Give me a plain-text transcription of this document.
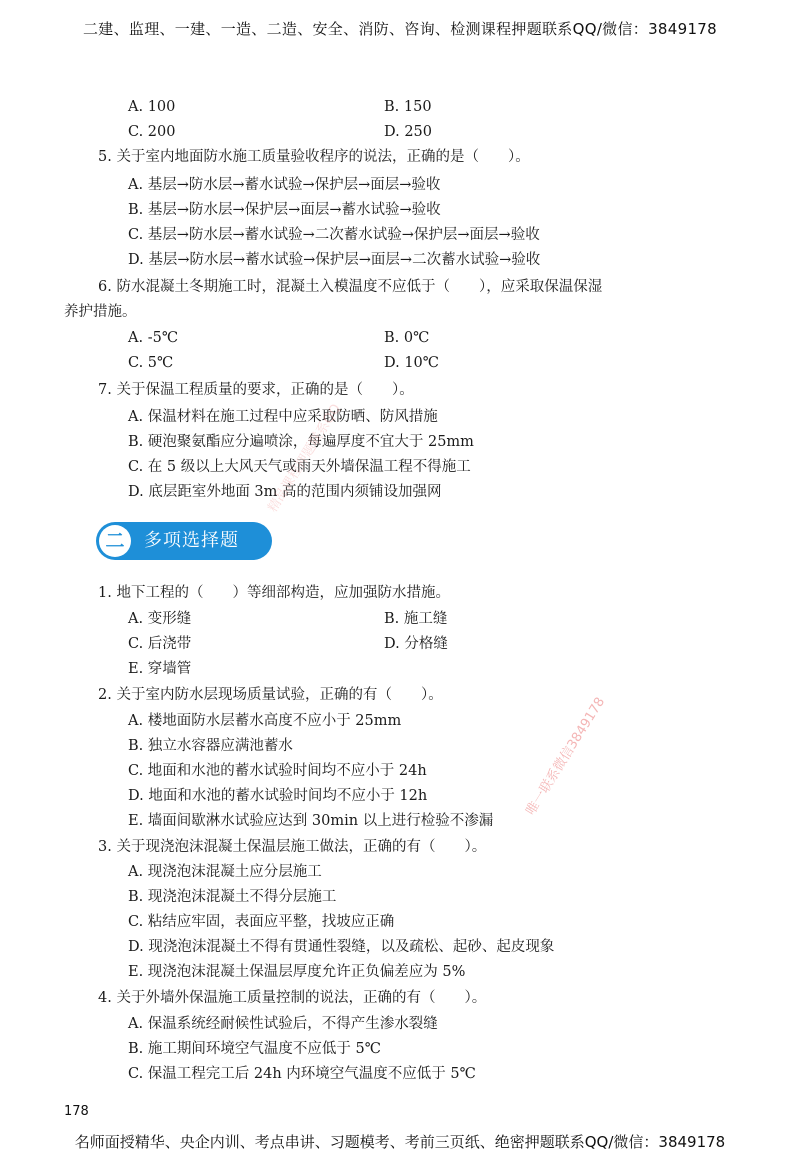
二建、监理、一建、一造、二造、安全、消防、咨询、检测课程押题联系QQ/微信：3849178
A. 100	B. 150
C. 200	D. 250
5. 关于室内地面防水施工质量验收程序的说法，正确的是（　　）。
A. 基层→防水层→蓄水试验→保护层→面层→验收
B. 基层→防水层→保护层→面层→蓄水试验→验收
C. 基层→防水层→蓄水试验→二次蓄水试验→保护层→面层→验收
D. 基层→防水层→蓄水试验→保护层→面层→二次蓄水试验→验收
6. 防水混凝土冬期施工时，混凝土入模温度不应低于（　　），应采取保温保湿
养护措施。
A. -5℃	B. 0℃
C. 5℃	D. 10℃
7. 关于保温工程质量的要求，正确的是（　　）。
A. 保温材料在施工过程中应采取防晒、防风措施
B. 硬泡聚氨酯应分遍喷涂，每遍厚度不宜大于 25mm
C. 在 5 级以上大风天气或雨天外墙保温工程不得施工
D. 底层距室外地面 3m 高的范围内须铺设加强网
二	多项选择题
1. 地下工程的（　　）等细部构造，应加强防水措施。
A. 变形缝	B. 施工缝
C. 后浇带	D. 分格缝
E. 穿墙管
2. 关于室内防水层现场质量试验，正确的有（　　）。
A. 楼地面防水层蓄水高度不应小于 25mm
B. 独立水容器应满池蓄水
C. 地面和水池的蓄水试验时间均不应小于 24h
D. 地面和水池的蓄水试验时间均不应小于 12h
E. 墙面间歇淋水试验应达到 30min 以上进行检验不渗漏
3. 关于现浇泡沫混凝土保温层施工做法，正确的有（　　）。
A. 现浇泡沫混凝土应分层施工
B. 现浇泡沫混凝土不得分层施工
C. 粘结应牢固，表面应平整，找坡应正确
D. 现浇泡沫混凝土不得有贯通性裂缝，以及疏松、起砂、起皮现象
E. 现浇泡沫混凝土保温层厚度允许正负偏差应为 5%
4. 关于外墙外保温施工质量控制的说法，正确的有（　　）。
A. 保温系统经耐候性试验后，不得产生渗水裂缝
B. 施工期间环境空气温度不应低于 5℃
C. 保温工程完工后 24h 内环境空气温度不应低于 5℃
唯一联系微信3849178
精品课程押题联系QQ
178
名师面授精华、央企内训、考点串讲、习题模考、考前三页纸、绝密押题联系QQ/微信：3849178
